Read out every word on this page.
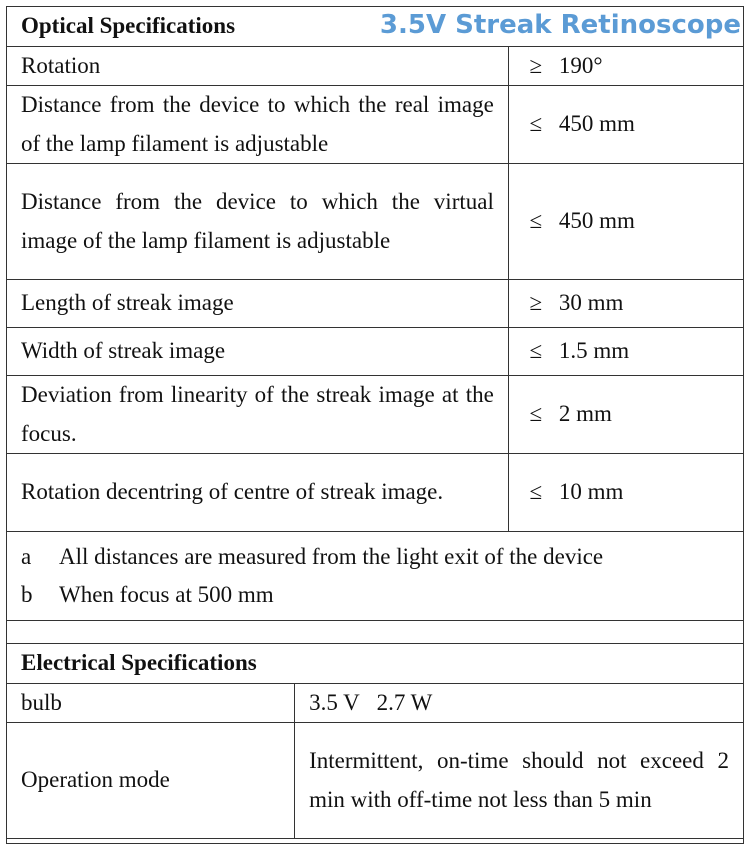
Optical Specifications 3.5V Streak Retinoscope	

Rotation	≥ 190°
Distance from the device to which the real image of the lamp filament is adjustable	≤ 450 mm
Distance from the device to which the virtual image of the lamp filament is adjustable	≤ 450 mm
Length of streak image	≥ 30 mm
Width of streak image	≤ 1.5 mm
Deviation from linearity of the streak image at the focus.	≤ 2 mm
Rotation decentring of centre of streak image.	≤ 10 mm

a All distances are measured from the light exit of the device
b When focus at 500 mm	

Electrical Specifications	
bulb	3.5 V   2.7 W
Operation mode	Intermittent, on-time should not exceed 2 min with off-time not less than 5 min
